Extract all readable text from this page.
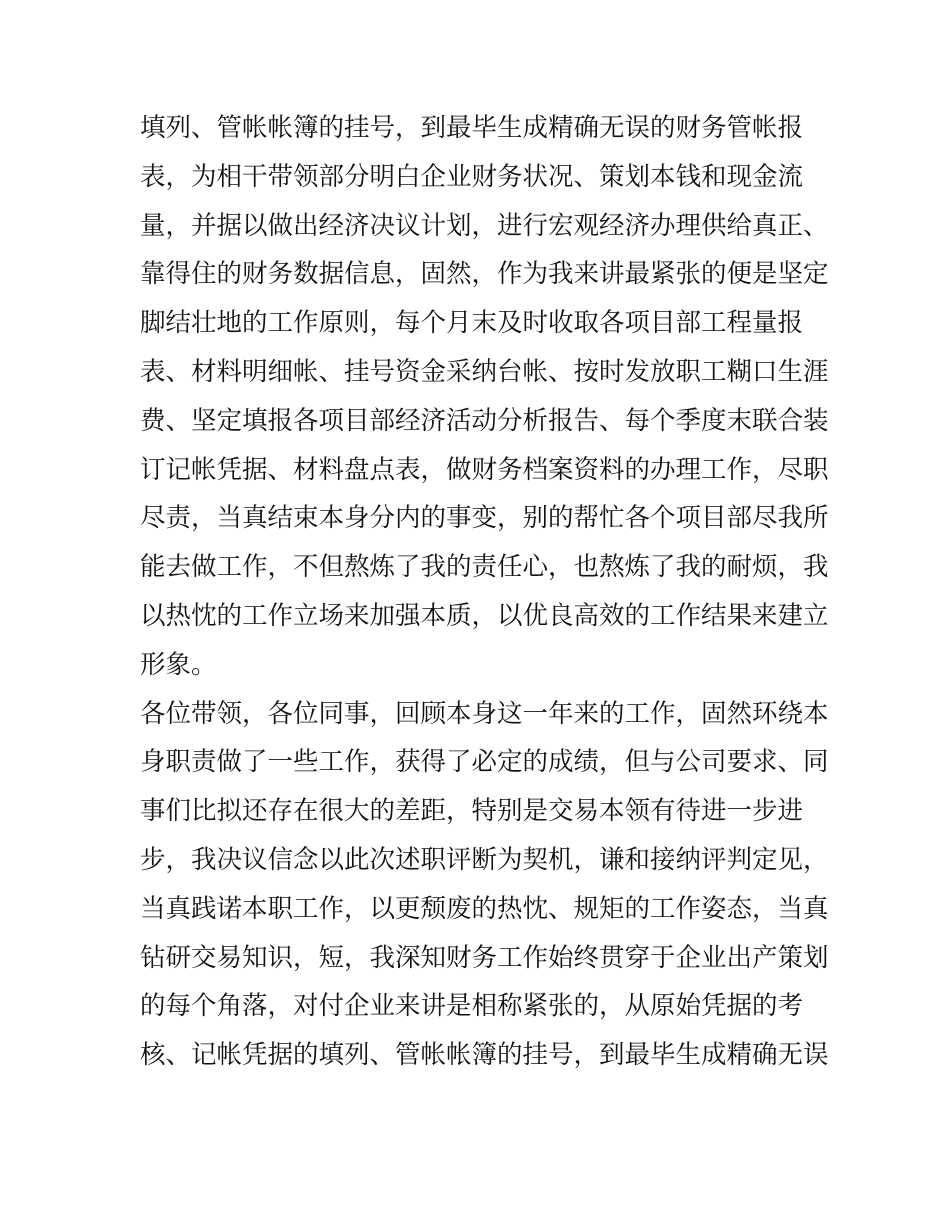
填列、管帐帐簿的挂号，到最毕生成精确无误的财务管帐报
表，为相干带领部分明白企业财务状况、策划本钱和现金流
量，并据以做出经济决议计划，进行宏观经济办理供给真正、
靠得住的财务数据信息，固然，作为我来讲最紧张的便是坚定
脚结壮地的工作原则，每个月末及时收取各项目部工程量报
表、材料明细帐、挂号资金采纳台帐、按时发放职工糊口生涯
费、坚定填报各项目部经济活动分析报告、每个季度末联合装
订记帐凭据、材料盘点表，做财务档案资料的办理工作，尽职
尽责，当真结束本身分内的事变，别的帮忙各个项目部尽我所
能去做工作，不但熬炼了我的责任心，也熬炼了我的耐烦，我
以热忱的工作立场来加强本质，以优良高效的工作结果来建立
形象。
各位带领，各位同事，回顾本身这一年来的工作，固然环绕本
身职责做了一些工作，获得了必定的成绩，但与公司要求、同
事们比拟还存在很大的差距，特别是交易本领有待进一步进
步，我决议信念以此次述职评断为契机，谦和接纳评判定见，
当真践诺本职工作，以更颓废的热忱、规矩的工作姿态，当真
钻研交易知识，短，我深知财务工作始终贯穿于企业出产策划
的每个角落，对付企业来讲是相称紧张的，从原始凭据的考
核、记帐凭据的填列、管帐帐簿的挂号，到最毕生成精确无误
